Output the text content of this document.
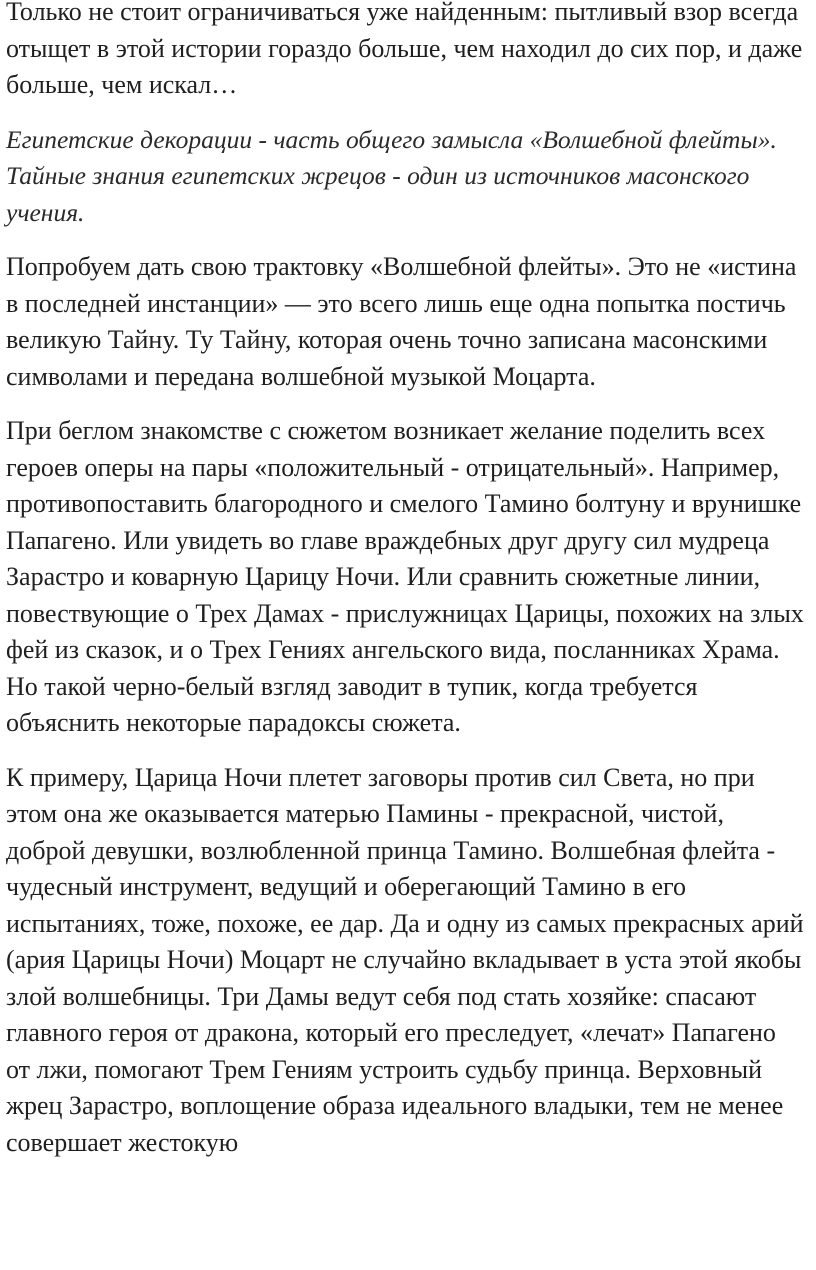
Только не стоит ограничиваться уже найденным: пытливый взор всегда отыщет в этой истории гораздо больше, чем находил до сих пор, и даже больше, чем искал…

Египетские декорации - часть общего замысла «Волшебной флейты». Тайные знания египетских жрецов - один из источников масонского учения.

Попробуем дать свою трактовку «Волшебной флейты». Это не «истина в последней инстанции» — это всего лишь еще одна попытка постичь великую Тайну. Ту Тайну, которая очень точно записана масонскими символами и передана волшебной музыкой Моцарта.

При беглом знакомстве с сюжетом возникает желание поделить всех героев оперы на пары «положительный - отрицательный». Например, противопоставить благородного и смелого Тамино болтуну и врунишке Папагено. Или увидеть во главе враждебных друг другу сил мудреца Зарастро и коварную Царицу Ночи. Или сравнить сюжетные линии, повествующие о Трех Дамах - прислужницах Царицы, похожих на злых фей из сказок, и о Трех Гениях ангельского вида, посланниках Храма. Но такой черно-белый взгляд заводит в тупик, когда требуется объяснить некоторые парадоксы сюжета.

К примеру, Царица Ночи плетет заговоры против сил Света, но при этом она же оказывается матерью Памины - прекрасной, чистой, доброй девушки, возлюбленной принца Тамино. Волшебная флейта - чудесный инструмент, ведущий и оберегающий Тамино в его испытаниях, тоже, похоже, ее дар. Да и одну из самых прекрасных арий (ария Царицы Ночи) Моцарт не случайно вкладывает в уста этой якобы злой волшебницы. Три Дамы ведут себя под стать хозяйке: спасают главного героя от дракона, который его преследует, «лечат» Папагено от лжи, помогают Трем Гениям устроить судьбу принца. Верховный жрец Зарастро, воплощение образа идеального владыки, тем не менее совершает жестокую
